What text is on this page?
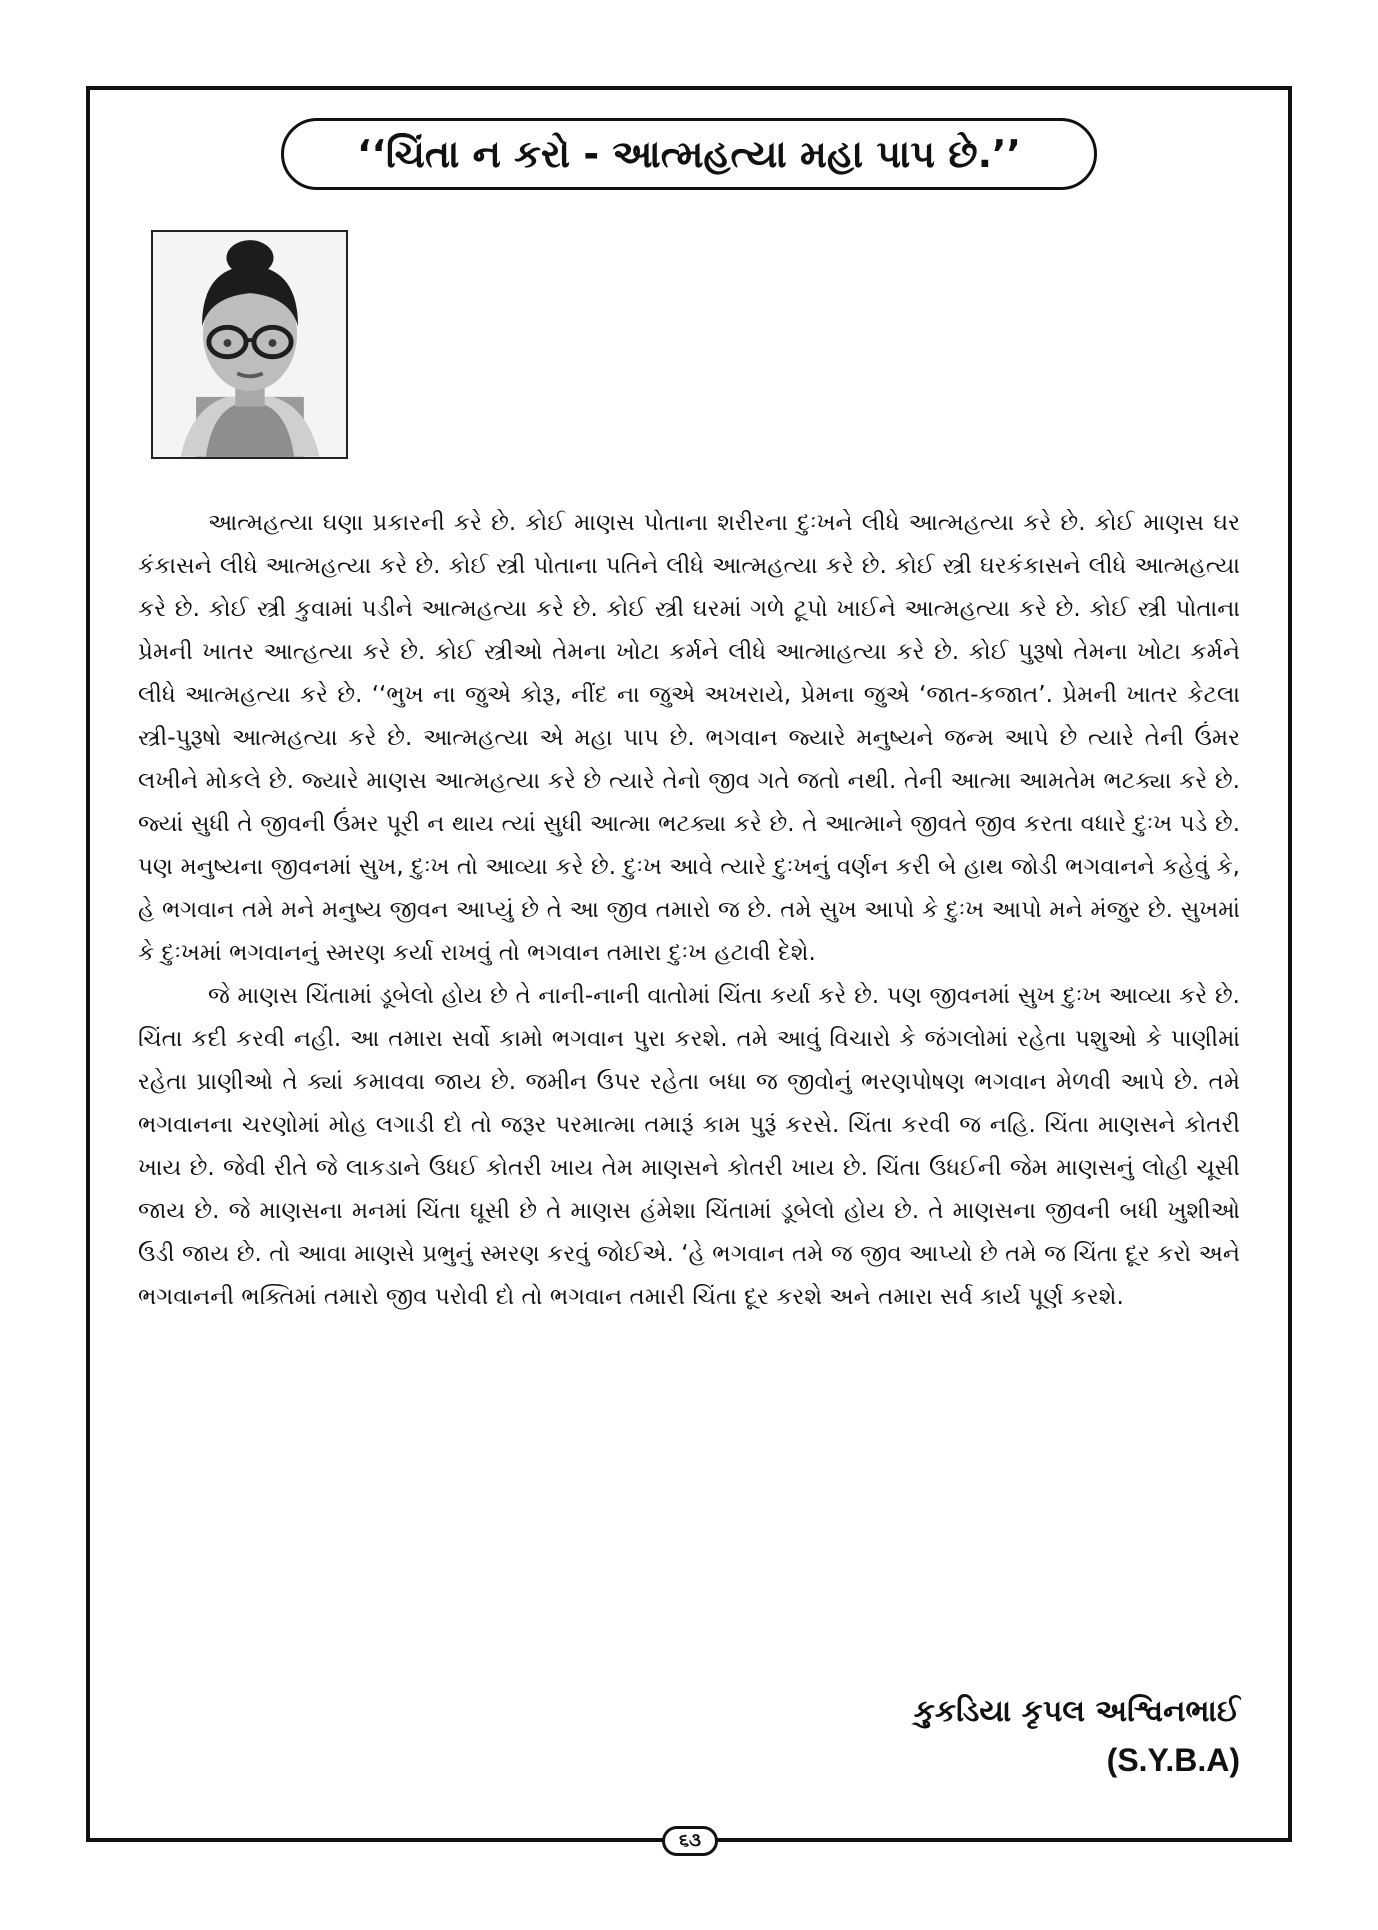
‘‘ચિંતા ન કરો - આત્મહત્યા મહા પાપ છે.’’

આત્મહત્યા ઘણા પ્રકારની કરે છે. કોઈ માણસ પોતાના શરીરના દુઃખને લીધે આત્મહત્યા કરે છે. કોઈ માણસ ઘર કંકાસને લીધે આત્મહત્યા કરે છે. કોઈ સ્ત્રી પોતાના પતિને લીધે આત્મહત્યા કરે છે. કોઈ સ્ત્રી ઘરકંકાસને લીધે આત્મહત્યા કરે છે. કોઈ સ્ત્રી કુવામાં પડીને આત્મહત્યા કરે છે. કોઈ સ્ત્રી ઘરમાં ગળે ટૂપો ખાઈને આત્મહત્યા કરે છે. કોઈ સ્ત્રી પોતાના પ્રેમની ખાતર આત્હત્યા કરે છે. કોઈ સ્ત્રીઓ તેમના ખોટા કર્મને લીધે આત્માહત્યા કરે છે. કોઈ પુરૂષો તેમના ખોટા કર્મને લીધે આત્મહત્યા કરે છે. ‘‘ભુખ ના જુએ કોરૂ, નીંદ ના જુએ અખરાયે, પ્રેમના જુએ ‘જાત-કજાત’. પ્રેમની ખાતર કેટલા સ્ત્રી-પુરૂષો આત્મહત્યા કરે છે. આત્મહત્યા એ મહા પાપ છે. ભગવાન જ્યારે મનુષ્યને જન્મ આપે છે ત્યારે તેની ઉંમર લખીને મોકલે છે. જ્યારે માણસ આત્મહત્યા કરે છે ત્યારે તેનો જીવ ગતે જતો નથી. તેની આત્મા આમતેમ ભટક્યા કરે છે. જ્યાં સુધી તે જીવની ઉંમર પૂરી ન થાય ત્યાં સુધી આત્મા ભટક્યા કરે છે. તે આત્માને જીવતે જીવ કરતા વધારે દુઃખ પડે છે. પણ મનુષ્યના જીવનમાં સુખ, દુઃખ તો આવ્યા કરે છે. દુઃખ આવે ત્યારે દુઃખનું વર્ણન કરી બે હાથ જોડી ભગવાનને કહેવું કે, હે ભગવાન તમે મને મનુષ્ય જીવન આપ્યું છે તે આ જીવ તમારો જ છે. તમે સુખ આપો કે દુઃખ આપો મને મંજુર છે. સુખમાં કે દુઃખમાં ભગવાનનું સ્મરણ કર્યા રાખવું તો ભગવાન તમારા દુઃખ હટાવી દેશે.

જે માણસ ચિંતામાં ડૂબેલો હોય છે તે નાની-નાની વાતોમાં ચિંતા કર્યા કરે છે. પણ જીવનમાં સુખ દુઃખ આવ્યા કરે છે. ચિંતા કદી કરવી નહી. આ તમારા સર્વો કામો ભગવાન પુરા કરશે. તમે આવું વિચારો કે જંગલોમાં રહેતા પશુઓ કે પાણીમાં રહેતા પ્રાણીઓ તે ક્યાં કમાવવા જાય છે. જમીન ઉપર રહેતા બધા જ જીવોનું ભરણપોષણ ભગવાન મેળવી આપે છે. તમે ભગવાનના ચરણોમાં મોહ લગાડી દો તો જરૂર પરમાત્મા તમારૂં કામ પુરૂં કરસે. ચિંતા કરવી જ નહિ. ચિંતા માણસને કોતરી ખાય છે. જેવી રીતે જે લાકડાને ઉધઈ કોતરી ખાય તેમ માણસને કોતરી ખાય છે. ચિંતા ઉધઈની જેમ માણસનું લોહી ચૂસી જાય છે. જે માણસના મનમાં ચિંતા ઘૂસી છે તે માણસ હંમેશા ચિંતામાં ડૂબેલો હોય છે. તે માણસના જીવની બધી ખુશીઓ ઉડી જાય છે. તો આવા માણસે પ્રભુનું સ્મરણ કરવું જોઈએ. ‘હે ભગવાન તમે જ જીવ આપ્યો છે તમે જ ચિંતા દૂર કરો અને ભગવાનની ભક્તિમાં તમારો જીવ પરોવી દો તો ભગવાન તમારી ચિંતા દૂર કરશે અને તમારા સર્વ કાર્ય પૂર્ણ કરશે.

કુકડિયા કૃપલ અશ્વિનભાઈ
(S.Y.B.A)
૬૩
